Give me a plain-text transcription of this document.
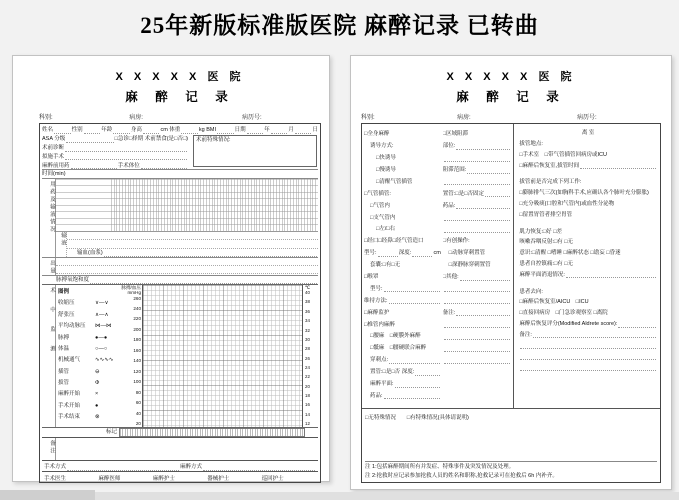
25年新版标准版医院 麻醉记录 已转曲
X X X X X 医 院
麻 醉 记 录
科别:	病房:	病历号:
姓名	性别	年龄	身高	cm 体重	kg BMI	日期	年	月	日
ASA 分级	□急诊□择期 术前禁食(是□否□)
术前诊断
拟施手术
麻醉前用药	手术体位
术前特殊情况:
时间(min)
用药及输液情况
输液
输血(血浆)
出量
脉搏氧饱和度
术中监测 图例
收缩压	∨—∨
舒张压	∧—∧
平均动脉压	⋈—⋈
脉搏	●—●
体温	○—○
机械通气	∿∿∿∿
插管	⊖
拔管	Φ
麻醉开始	×
手术开始	●
手术结束	⊗
脉搏/血压
mmHg
260
240
220
200
180
160
140
120
100
80
60
40
20
℃
40
38
36
34
32
30
28
26
24
22
20
18
16
14
12
标记
备注
手术方式	麻醉方式
手术医生	麻醉医师	麻醉护士	器械护士	巡回护士
X X X X X 医 院
麻 醉 记 录
科别:	病房:	病历号:
□全身麻醉
诱导方式:
□快诱导
□慢诱导
□清醒气管插管
□气管插管:
□气管内
□支气管内
□左/□右
□经口□经鼻□经气管造口
型号:	深度:	cm
套囊:□有□无
□喉罩
型号:
维持方法:
□麻醉监护
□椎管内麻醉
□腰麻　□硬膜外麻醉
□骶麻　□腰硬联合麻醉
穿刺点:
置管:□是□否 深度:
麻醉平面:
药品:
□区域阻滞
部位:
阻滞范围:
置管:□是□否固定
药品:
□有创操作:
□动脉穿刺置管
□深静脉穿刺置管
□其他:
备注:
离 室
拔管地点:
□手术室　□带气管插管回病房或ICU
□麻醉后恢复室,拔管时间
拔管前是否完成下列工作:
□膨肺排气三次(如胸科手术,应确认各个肺叶充分膨胀)
□充分吸痰(口腔和气管内)或血性分泌物
□留置胃管者排空胃管
肌力恢复:□好 □差
咳嗽吞咽反射:□有 □无
意识:□清醒 □嗜睡 □麻醉状态 □谵妄 □昏迷
患者自控镇痛:□有 □无
麻醉平面消退情况:
患者去向:
□麻醉后恢复室/AICU　□ICU
□直接回病房　□门急诊观察室 □离院
麻醉后恢复评分(Modified Aldrete score):
备注:
□无特殊情况　　□有特殊情况(具体请说明)
注 1:包括麻醉期间所有并发症、特殊事件及突发情况及处理。
注 2:抢救时应记录参加抢救人员的姓名和职称,抢救记录可在抢救后 6h 内补齐。
